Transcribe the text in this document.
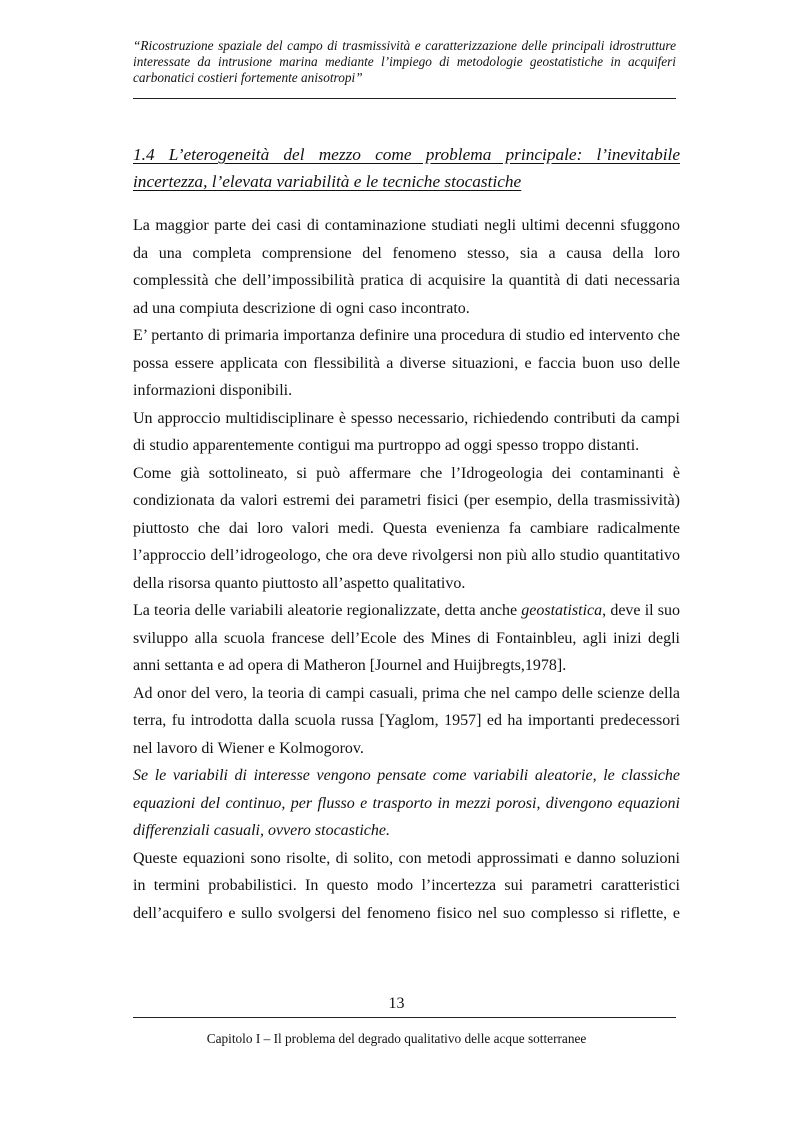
“Ricostruzione spaziale del campo di trasmissività e caratterizzazione delle principali idrostrutture interessate da intrusione marina mediante l’impiego di metodologie geostatistiche in acquiferi carbonatici costieri fortemente anisotropi”
1.4 L’eterogeneità del mezzo come problema principale: l’inevitabile incertezza, l’elevata variabilità e le tecniche stocastiche

La maggior parte dei casi di contaminazione studiati negli ultimi decenni sfuggono da una completa comprensione del fenomeno stesso, sia a causa della loro complessità che dell’impossibilità pratica di acquisire la quantità di dati necessaria ad una compiuta descrizione di ogni caso incontrato.

E’ pertanto di primaria importanza definire una procedura di studio ed intervento che possa essere applicata con flessibilità a diverse situazioni, e faccia buon uso delle informazioni disponibili.

Un approccio multidisciplinare è spesso necessario, richiedendo contributi da campi di studio apparentemente contigui ma purtroppo ad oggi spesso troppo distanti.

Come già sottolineato, si può affermare che l’Idrogeologia dei contaminanti è condizionata da valori estremi dei parametri fisici (per esempio, della trasmissività) piuttosto che dai loro valori medi. Questa evenienza fa cambiare radicalmente l’approccio dell’idrogeologo, che ora deve rivolgersi non più allo studio quantitativo della risorsa quanto piuttosto all’aspetto qualitativo.

La teoria delle variabili aleatorie regionalizzate, detta anche geostatistica, deve il suo sviluppo alla scuola francese dell’Ecole des Mines di Fontainbleu, agli inizi degli anni settanta e ad opera di Matheron [Journel and Huijbregts,1978].

Ad onor del vero, la teoria di campi casuali, prima che nel campo delle scienze della terra, fu introdotta dalla scuola russa [Yaglom, 1957] ed ha importanti predecessori nel lavoro di Wiener e Kolmogorov.

Se le variabili di interesse vengono pensate come variabili aleatorie, le classiche equazioni del continuo, per flusso e trasporto in mezzi porosi, divengono equazioni differenziali casuali, ovvero stocastiche.

Queste equazioni sono risolte, di solito, con metodi approssimati e danno soluzioni in termini probabilistici. In questo modo l’incertezza sui parametri caratteristici dell’acquifero e sullo svolgersi del fenomeno fisico nel suo complesso si riflette, e

13
Capitolo I – Il problema del degrado qualitativo delle acque sotterranee
